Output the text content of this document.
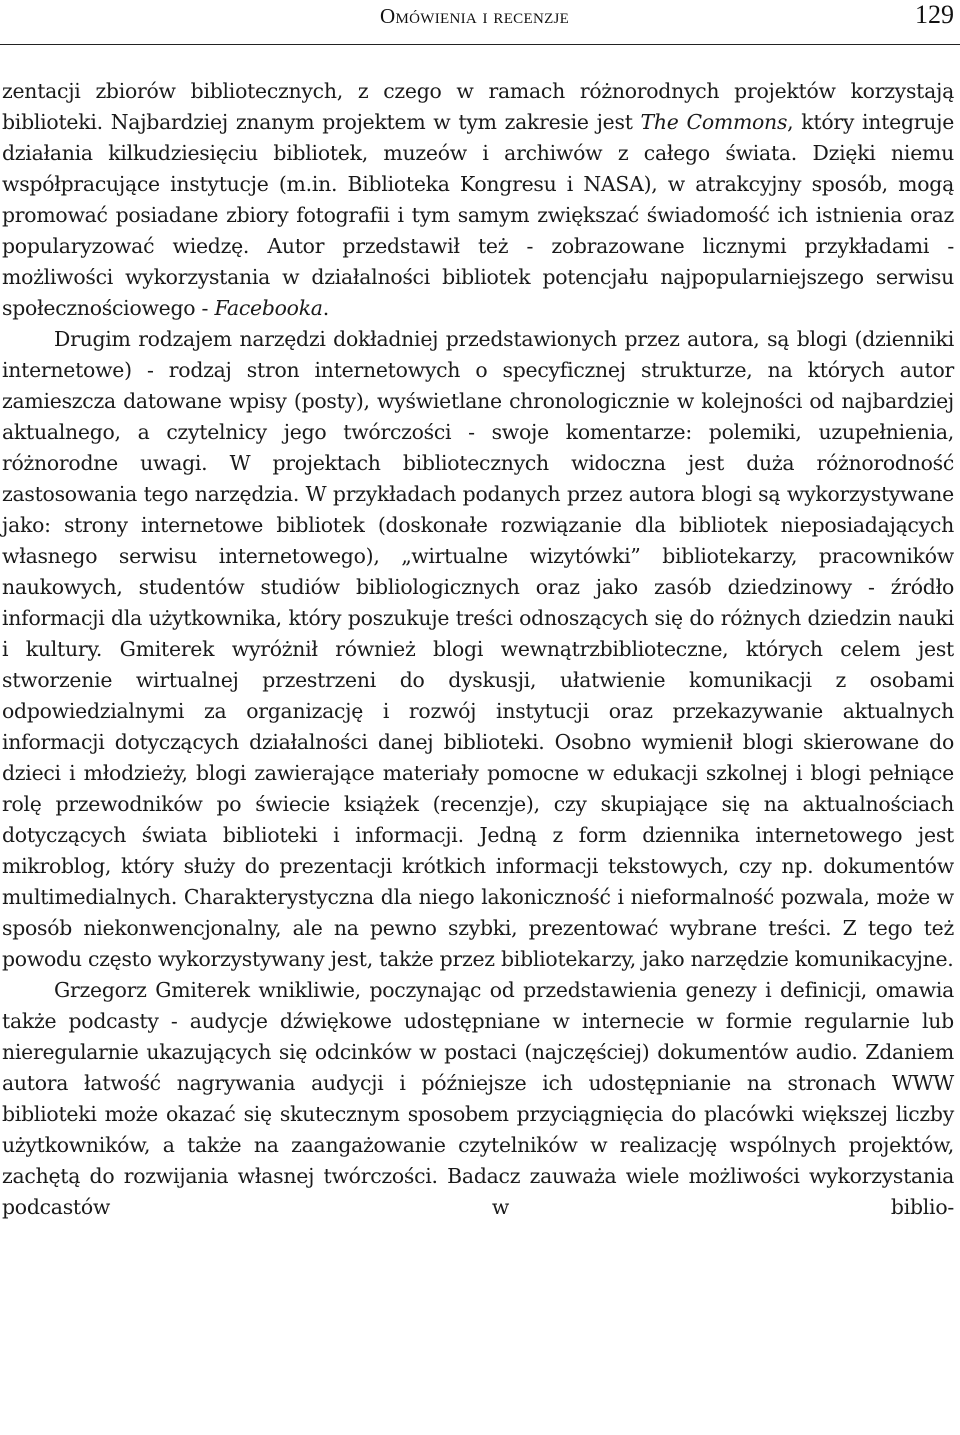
Omówienia i recenzje	129

zentacji zbiorów bibliotecznych, z czego w ramach różnorodnych projektów korzystają biblioteki. Najbardziej znanym projektem w tym zakresie jest The Commons, który integruje działania kilkudziesięciu bibliotek, muzeów i archiwów z całego świata. Dzięki niemu współpracujące instytucje (m.in. Biblioteka Kongresu i NASA), w atrakcyjny sposób, mogą promować posiadane zbiory fotografii i tym samym zwiększać świadomość ich istnienia oraz popularyzować wiedzę. Autor przedstawił też - zobrazowane licznymi przykładami - możliwości wykorzystania w działalności bibliotek potencjału najpopularniejszego serwisu społecznościowego - Facebooka.

Drugim rodzajem narzędzi dokładniej przedstawionych przez autora, są blogi (dzienniki internetowe) - rodzaj stron internetowych o specyficznej strukturze, na których autor zamieszcza datowane wpisy (posty), wyświetlane chronologicznie w kolejności od najbardziej aktualnego, a czytelnicy jego twórczości - swoje komentarze: polemiki, uzupełnienia, różnorodne uwagi. W projektach bibliotecznych widoczna jest duża różnorodność zastosowania tego narzędzia. W przykładach podanych przez autora blogi są wykorzystywane jako: strony internetowe bibliotek (doskonałe rozwiązanie dla bibliotek nieposiadających własnego serwisu internetowego), „wirtualne wizytówki” bibliotekarzy, pracowników naukowych, studentów studiów bibliologicznych oraz jako zasób dziedzinowy - źródło informacji dla użytkownika, który poszukuje treści odnoszących się do różnych dziedzin nauki i kultury. Gmiterek wyróżnił również blogi wewnątrzbiblioteczne, których celem jest stworzenie wirtualnej przestrzeni do dyskusji, ułatwienie komunikacji z osobami odpowiedzialnymi za organizację i rozwój instytucji oraz przekazywanie aktualnych informacji dotyczących działalności danej biblioteki. Osobno wymienił blogi skierowane do dzieci i młodzieży, blogi zawierające materiały pomocne w edukacji szkolnej i blogi pełniące rolę przewodników po świecie książek (recenzje), czy skupiające się na aktualnościach dotyczących świata biblioteki i informacji. Jedną z form dziennika internetowego jest mikroblog, który służy do prezentacji krótkich informacji tekstowych, czy np. dokumentów multimedialnych. Charakterystyczna dla niego lakoniczność i nieformalność pozwala, może w sposób niekonwencjonalny, ale na pewno szybki, prezentować wybrane treści. Z tego też powodu często wykorzystywany jest, także przez bibliotekarzy, jako narzędzie komunikacyjne.

Grzegorz Gmiterek wnikliwie, poczynając od przedstawienia genezy i definicji, omawia także podcasty - audycje dźwiękowe udostępniane w internecie w formie regularnie lub nieregularnie ukazujących się odcinków w postaci (najczęściej) dokumentów audio. Zdaniem autora łatwość nagrywania audycji i późniejsze ich udostępnianie na stronach WWW biblioteki może okazać się skutecznym sposobem przyciągnięcia do placówki większej liczby użytkowników, a także na zaangażowanie czytelników w realizację wspólnych projektów, zachętą do rozwijania własnej twórczości. Badacz zauważa wiele możliwości wykorzystania podcastów w biblio-
